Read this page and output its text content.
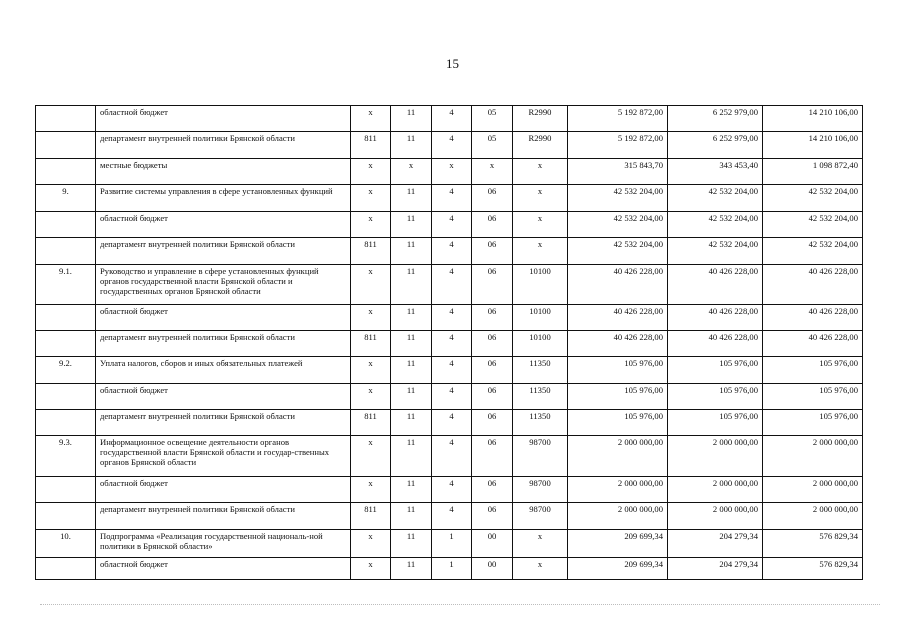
15
	областной бюджет	x	11	4	05	R2990	5 192 872,00	6 252 979,00	14 210 106,00
	департамент внутренней политики Брянской области	811	11	4	05	R2990	5 192 872,00	6 252 979,00	14 210 106,00
	местные бюджеты	x	x	x	x	x	315 843,70	343 453,40	1 098 872,40
9.	Развитие системы управления в сфере установленных функций	x	11	4	06	x	42 532 204,00	42 532 204,00	42 532 204,00
	областной бюджет	x	11	4	06	x	42 532 204,00	42 532 204,00	42 532 204,00
	департамент внутренней политики Брянской области	811	11	4	06	x	42 532 204,00	42 532 204,00	42 532 204,00
9.1.	Руководство и управление в сфере установленных функций органов государственной власти Брянской области и государственных органов Брянской области	x	11	4	06	10100	40 426 228,00	40 426 228,00	40 426 228,00
	областной бюджет	x	11	4	06	10100	40 426 228,00	40 426 228,00	40 426 228,00
	департамент внутренней политики Брянской области	811	11	4	06	10100	40 426 228,00	40 426 228,00	40 426 228,00
9.2.	Уплата налогов, сборов и иных обязательных платежей	x	11	4	06	11350	105 976,00	105 976,00	105 976,00
	областной бюджет	x	11	4	06	11350	105 976,00	105 976,00	105 976,00
	департамент внутренней политики Брянской области	811	11	4	06	11350	105 976,00	105 976,00	105 976,00
9.3.	Информационное освещение деятельности органов государственной власти Брянской области и государ-ственных органов Брянской области	x	11	4	06	98700	2 000 000,00	2 000 000,00	2 000 000,00
	областной бюджет	x	11	4	06	98700	2 000 000,00	2 000 000,00	2 000 000,00
	департамент внутренней политики Брянской области	811	11	4	06	98700	2 000 000,00	2 000 000,00	2 000 000,00
10.	Подпрограмма «Реализация государственной националь-ной политики в Брянской области»	x	11	1	00	x	209 699,34	204 279,34	576 829,34
	областной бюджет	x	11	1	00	x	209 699,34	204 279,34	576 829,34
